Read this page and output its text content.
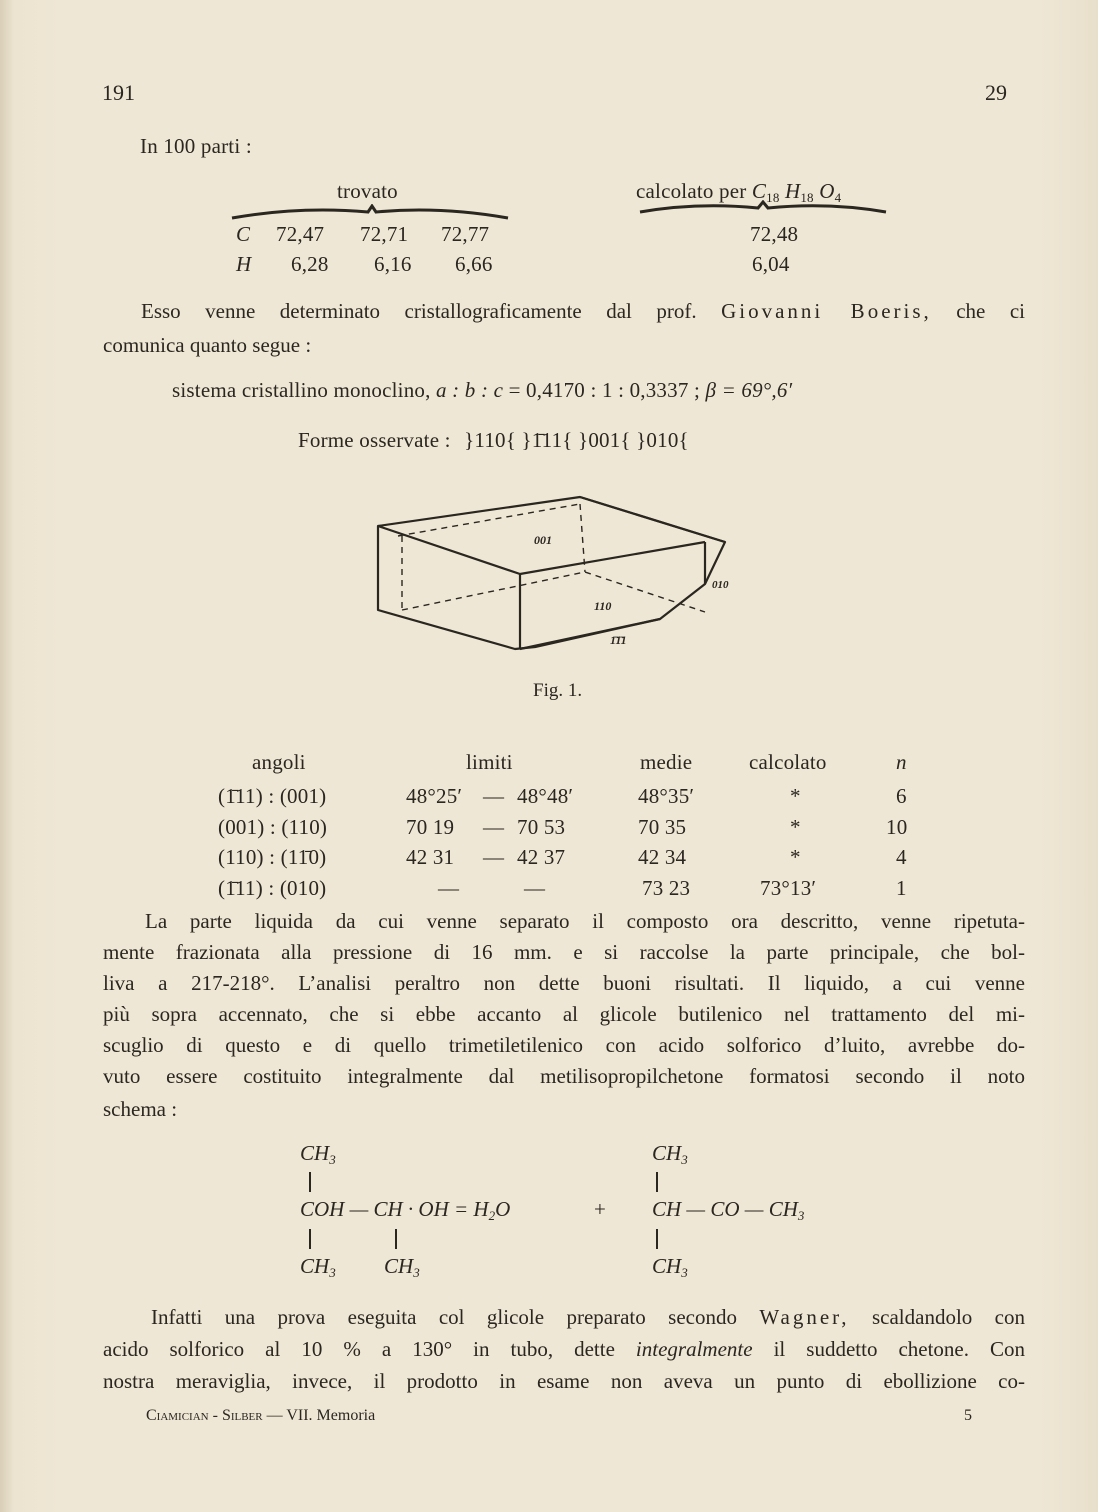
191	29
In 100 parti :
trovato	calcolato per $C_{18}$ $H_{18}$ $O_4$
C 72,47 72,71 72,77	72,48
H 6,28 6,16 6,66	6,04
Esso venne determinato cristallograficamente dal prof. Giovanni Boeris, che ci
comunica quanto segue :
sistema cristallino monoclino, a : b : c = 0,4170 : 1 : 0,3337 ; β = 69°,6′
Forme osservate : }110{ }1̄11{ }001{ }010{
001
010
110
1̄1̄1
Fig. 1.
angoli	limiti	medie	calcolato	n
(1̄11) : (001)	48°25′ — 48°48′	48°35′	*	6
(001) : (110)	70 19 — 70 53	70 35	*	10
(110) : (11̄0)	42 31 — 42 37	42 34	*	4
(1̄11) : (010)	—	—	73 23	73°13′	1
La parte liquida da cui venne separato il composto ora descritto, venne ripetuta-
mente frazionata alla pressione di 16 mm. e si raccolse la parte principale, che bol-
liva a 217-218°. L’analisi peraltro non dette buoni risultati. Il liquido, a cui venne
più sopra accennato, che si ebbe accanto al glicole butilenico nel trattamento del mi-
scuglio di questo e di quello trimetiletilenico con acido solforico d’luito, avrebbe do-
vuto essere costituito integralmente dal metilisopropilchetone formatosi secondo il noto
schema :
$CH_3$	$CH_3$
COH — CH · OH = $H_2O$	+ CH — CO — $CH_3$
$CH_3$ $CH_3$	$CH_3$
Infatti una prova eseguita col glicole preparato secondo Wagner, scaldandolo con
acido solforico al 10 % a 130° in tubo, dette integralmente il suddetto chetone. Con
nostra meraviglia, invece, il prodotto in esame non aveva un punto di ebollizione co-
Ciamician - Silber — VII. Memoria	5
